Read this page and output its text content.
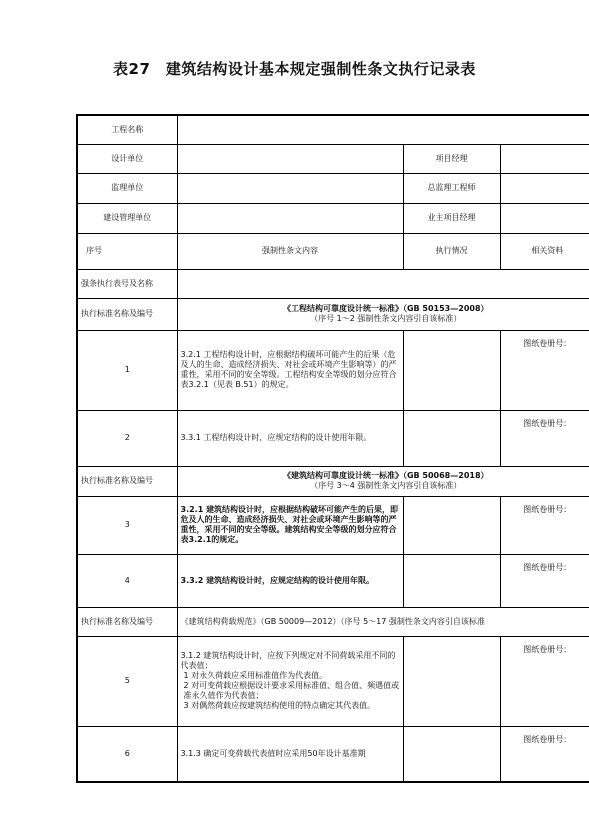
表27　建筑结构设计基本规定强制性条文执行记录表
工程名称			
设计单位		项目经理	
监理单位		总监理工程师	
建设管理单位		业主项目经理	
序号	强制性条文内容	执行情况	相关资料
强条执行表号及名称			
执行标准名称及编号	《工程结构可靠度设计统一标准》（GB 50153—2008）
（序号 1～2 强制性条文内容引自该标准）		

1	3.2.1 工程结构设计时，应根据结构破坏可能产生的后果（危及人的生命、造成经济损失、对社会或环境产生影响等）的严重性，采用不同的安全等级。工程结构安全等级的划分应符合表3.2.1（见表 B.51）的规定。		图纸卷册号：
2	3.3.1 工程结构设计时，应规定结构的设计使用年限。		图纸卷册号：
执行标准名称及编号	《建筑结构可靠度设计统一标准》（GB 50068—2018）
（序号 3～4 强制性条文内容引自该标准）		

3	3.2.1 建筑结构设计时，应根据结构破坏可能产生的后果，即危及人的生命、造成经济损失、对社会或环境产生影响等的严重性，采用不同的安全等级。建筑结构安全等级的划分应符合表3.2.1的规定。		图纸卷册号：
4	3.3.2 建筑结构设计时，应规定结构的设计使用年限。		图纸卷册号：
执行标准名称及编号	《建筑结构荷载规范》（GB 50009—2012）（序号 5～17 强制性条文内容引自该标准		
5	3.1.2 建筑结构设计时，应按下列规定对不同荷载采用不同的代表值：
1 对永久荷载应采用标准值作为代表值。
2 对可变荷载应根据设计要求采用标准值、组合值、频遇值或准永久值作为代表值；
3 对偶然荷载应按建筑结构使用的特点确定其代表值。		图纸卷册号：
6	3.1.3 确定可变荷载代表值时应采用50年设计基准期		图纸卷册号：
